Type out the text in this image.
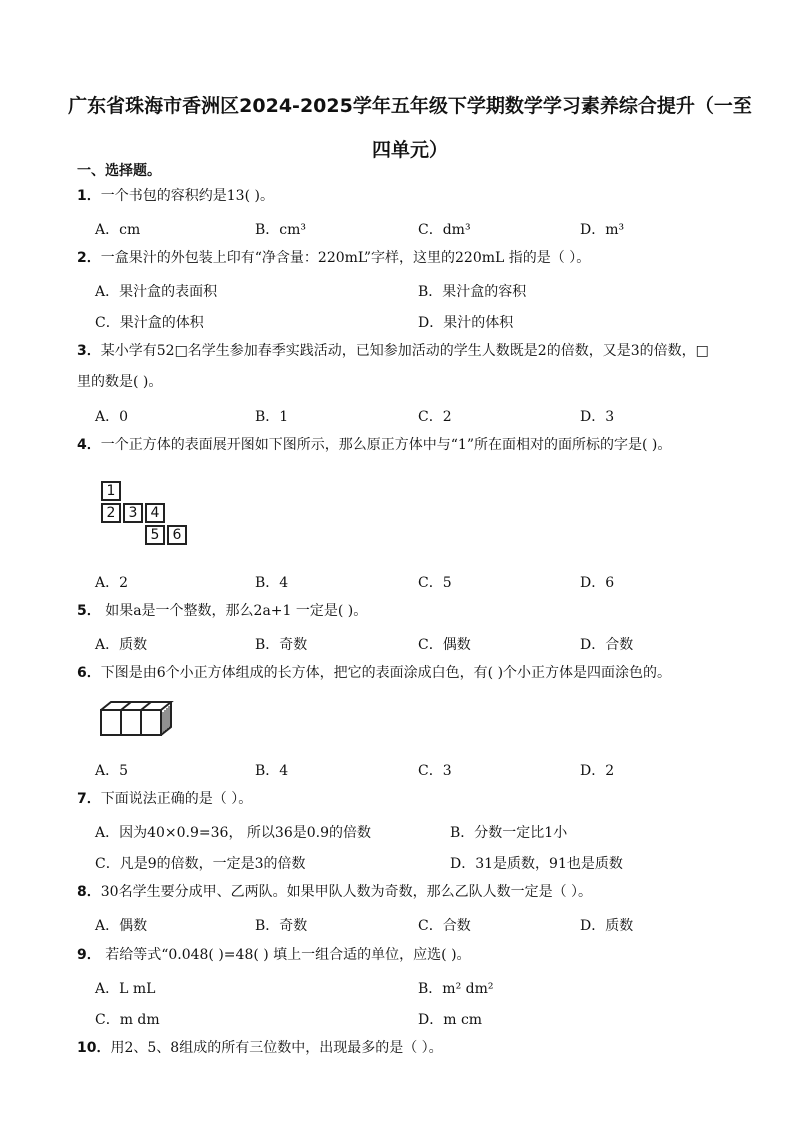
广东省珠海市香洲区2024-2025学年五年级下学期数学学习素养综合提升（一至四单元）
一、选择题。
1．一个书包的容积约是13( )。
A．cm	B．cm³	C．dm³	D．m³
2．一盒果汁的外包装上印有“净含量：220mL”字样，这里的220mL 指的是（ ）。
A．果汁盒的表面积	B．果汁盒的容积
C．果汁盒的体积	D．果汁的体积
3．某小学有52□名学生参加春季实践活动，已知参加活动的学生人数既是2的倍数，又是3的倍数，□
里的数是( )。
A．0	B．1	C．2	D．3
4．一个正方体的表面展开图如下图所示，那么原正方体中与“1”所在面相对的面所标的字是( )。
1
2 3 4
5 6
A．2	B．4	C．5	D．6
5． 如果a是一个整数，那么2a+1 一定是( )。
A．质数	B．奇数	C．偶数	D．合数
6．下图是由6个小正方体组成的长方体，把它的表面涂成白色，有( )个小正方体是四面涂色的。
A．5	B．4	C．3	D．2
7．下面说法正确的是（ ）。
A．因为40×0.9=36， 所以36是0.9的倍数	B．分数一定比1小
C．凡是9的倍数，一定是3的倍数	D．31是质数，91也是质数
8．30名学生要分成甲、乙两队。如果甲队人数为奇数，那么乙队人数一定是（ ）。
A．偶数	B．奇数	C．合数	D．质数
9． 若给等式“0.048( )=48( ) 填上一组合适的单位，应选( )。
A．L mL	B．m² dm²
C．m dm	D．m cm
10．用2、5、8组成的所有三位数中，出现最多的是（ ）。
